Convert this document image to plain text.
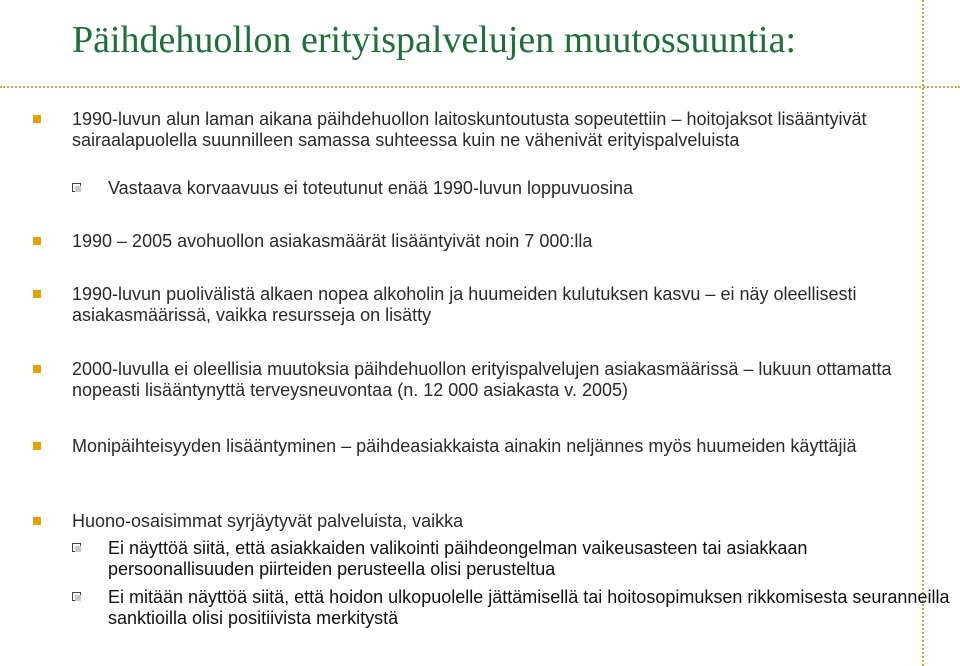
Päihdehuollon erityispalvelujen muutossuuntia:
1990-luvun alun laman aikana päihdehuollon laitoskuntoutusta sopeutettiin – hoitojaksot lisääntyivät sairaalapuolella suunnilleen samassa suhteessa kuin ne vähenivät erityispalveluista
Vastaava korvaavuus ei toteutunut enää 1990-luvun loppuvuosina
1990 – 2005 avohuollon asiakasmäärät lisääntyivät noin 7 000:lla
1990-luvun puolivälistä alkaen nopea alkoholin ja huumeiden kulutuksen kasvu – ei näy oleellisesti asiakasmäärissä, vaikka resursseja on lisätty
2000-luvulla ei oleellisia muutoksia päihdehuollon erityispalvelujen asiakasmäärissä – lukuun ottamatta nopeasti lisääntynyttä terveysneuvontaa (n. 12 000 asiakasta v. 2005)
Monipäihteisyyden lisääntyminen – päihdeasiakkaista ainakin neljännes myös huumeiden käyttäjiä
Huono-osaisimmat syrjäytyvät palveluista, vaikka
Ei näyttöä siitä, että asiakkaiden valikointi päihdeongelman vaikeusasteen tai asiakkaan persoonallisuuden piirteiden perusteella olisi perusteltua
Ei mitään näyttöä siitä, että hoidon ulkopuolelle jättämisellä tai hoitosopimuksen rikkomisesta seuranneilla sanktioilla olisi positiivista merkitystä
